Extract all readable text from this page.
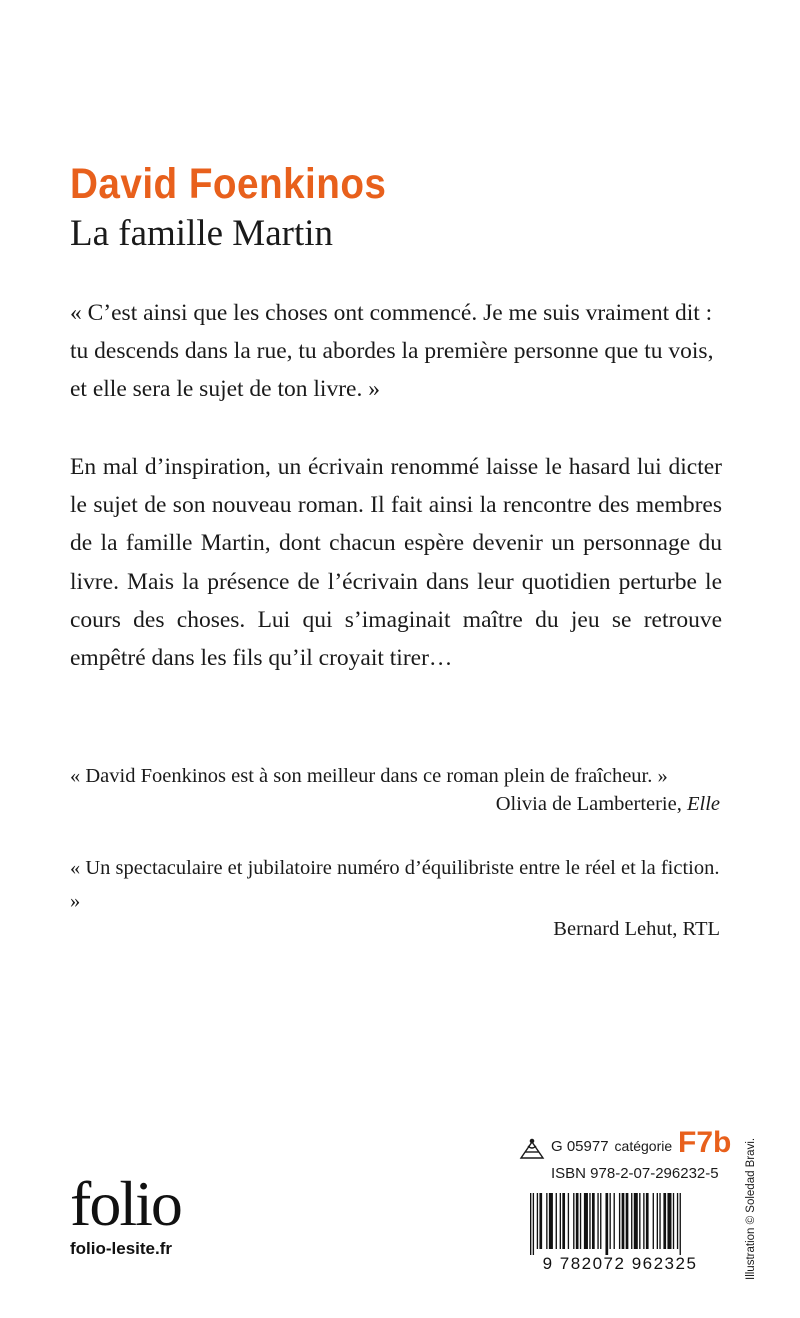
David Foenkinos
La famille Martin

« C’est ainsi que les choses ont commencé. Je me suis vraiment dit : tu descends dans la rue, tu abordes la première personne que tu vois, et elle sera le sujet de ton livre. »

En mal d’inspiration, un écrivain renommé laisse le hasard lui dicter le sujet de son nouveau roman. Il fait ainsi la rencontre des membres de la famille Martin, dont chacun espère devenir un personnage du livre. Mais la présence de l’écrivain dans leur quotidien perturbe le cours des choses. Lui qui s’imaginait maître du jeu se retrouve empêtré dans les fils qu’il croyait tirer…

« David Foenkinos est à son meilleur dans ce roman plein de fraîcheur. »

Olivia de Lamberterie, Elle

« Un spectaculaire et jubilatoire numéro d’équilibriste entre le réel et la fiction. »

Bernard Lehut, RTL
folio
folio-lesite.fr
G 05977 catégorie F7b
ISBN 978-2-07-296232-5
9 782072 962325	Illustration © Soledad Bravi.
